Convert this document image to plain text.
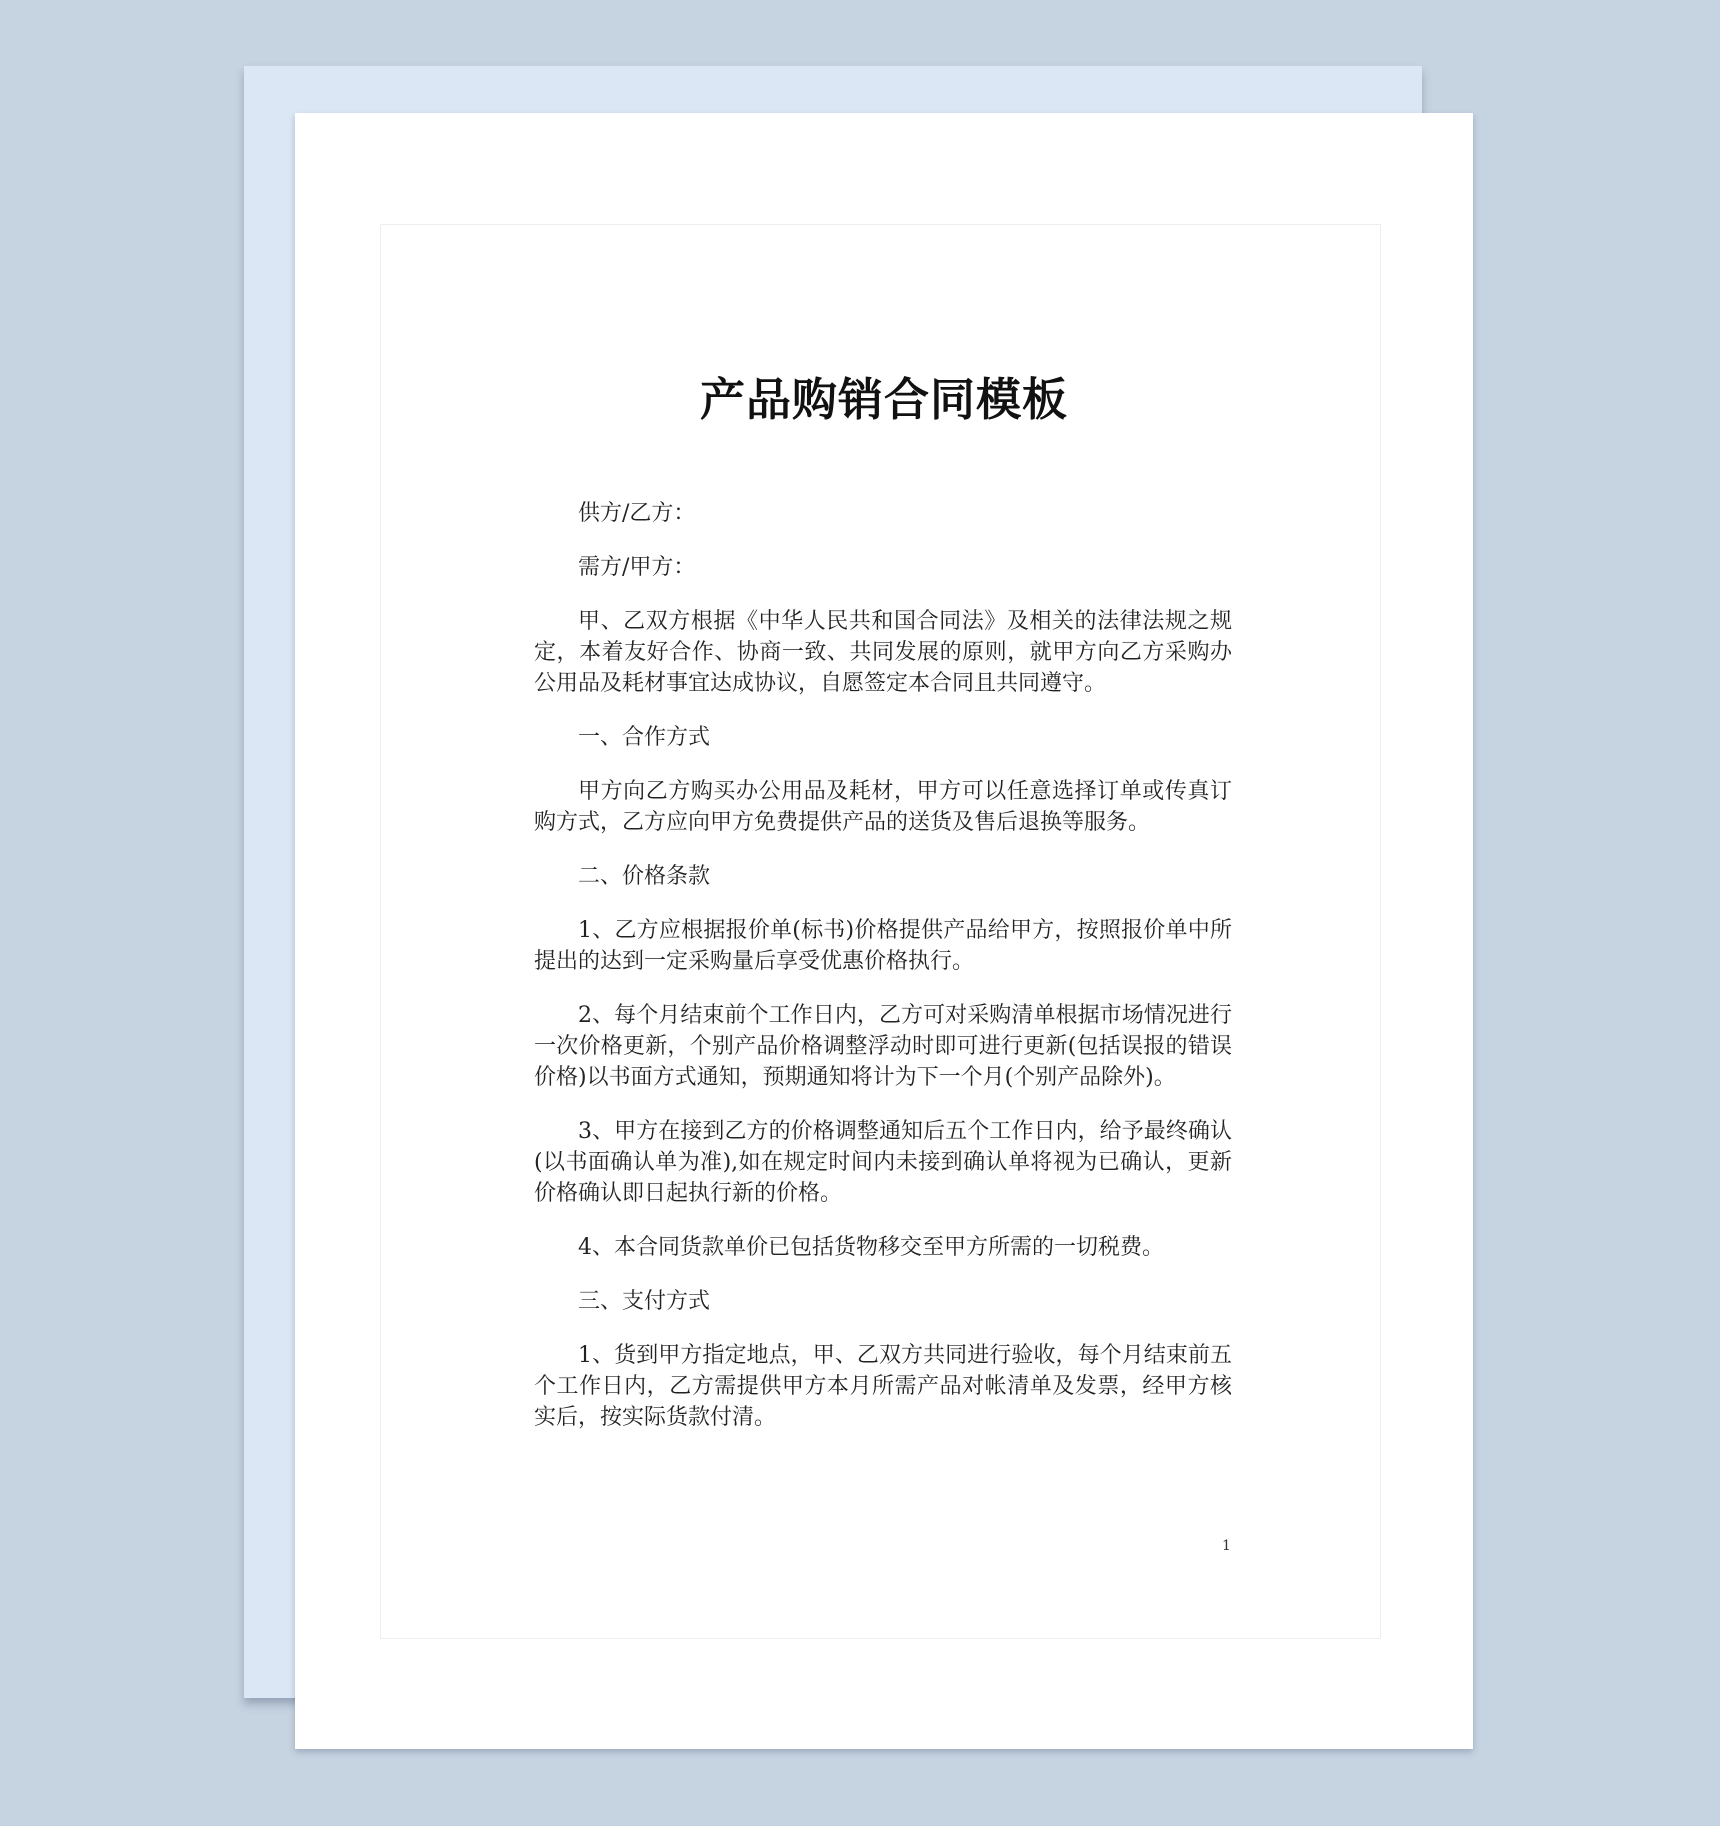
产品购销合同模板

供方/乙方：

需方/甲方：

甲、乙双方根据《中华人民共和国合同法》及相关的法律法规之规定，本着友好合作、协商一致、共同发展的原则，就甲方向乙方采购办公用品及耗材事宜达成协议，自愿签定本合同且共同遵守。

一、合作方式

甲方向乙方购买办公用品及耗材，甲方可以任意选择订单或传真订购方式，乙方应向甲方免费提供产品的送货及售后退换等服务。

二、价格条款

1、乙方应根据报价单(标书)价格提供产品给甲方，按照报价单中所提出的达到一定采购量后享受优惠价格执行。

2、每个月结束前个工作日内，乙方可对采购清单根据市场情况进行一次价格更新，个别产品价格调整浮动时即可进行更新(包括误报的错误价格)以书面方式通知，预期通知将计为下一个月(个别产品除外)。

3、甲方在接到乙方的价格调整通知后五个工作日内，给予最终确认(以书面确认单为准),如在规定时间内未接到确认单将视为已确认，更新价格确认即日起执行新的价格。

4、本合同货款单价已包括货物移交至甲方所需的一切税费。

三、支付方式

1、货到甲方指定地点，甲、乙双方共同进行验收，每个月结束前五个工作日内，乙方需提供甲方本月所需产品对帐清单及发票，经甲方核实后，按实际货款付清。

1
